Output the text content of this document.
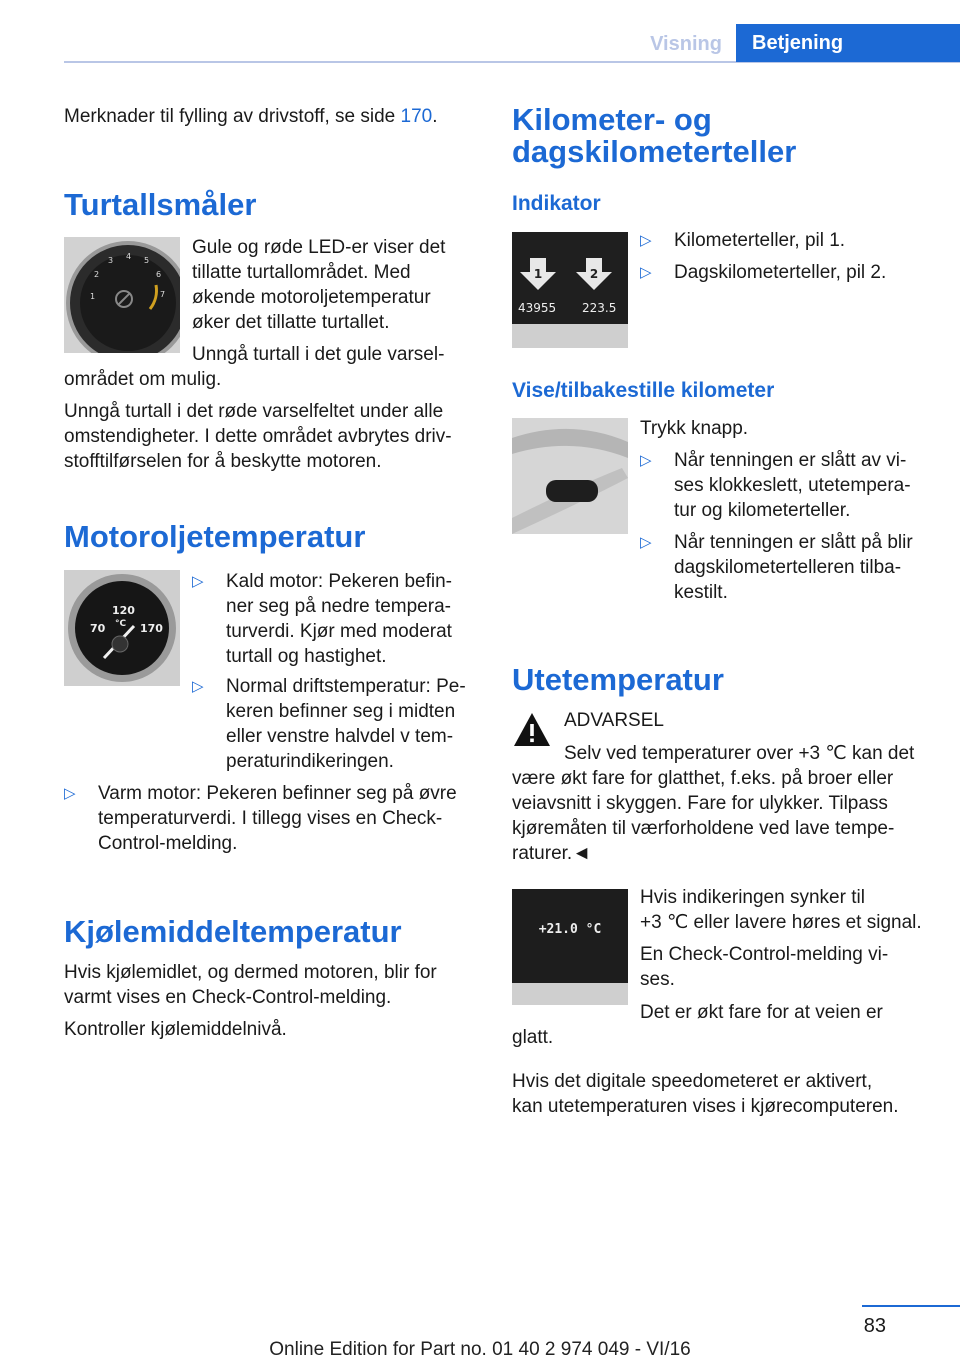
Visning	Betjening

Merknader til fylling av drivstoff, se side 170.

Turtallsmåler
1
2
3 4 5
6
7
Gule og røde LED-er viser det
tillatte turtallområdet. Med
økende motoroljetemperatur
øker det tillatte turtallet.
Unngå turtall i det gule varsel-
området om mulig.
Unngå turtall i det røde varselfeltet under alle
omstendigheter. I dette området avbrytes driv-
stofftilførselen for å beskytte motoren.
Motoroljetemperatur
70
120
°C 170
▷	Kald motor: Pekeren befin-
ner seg på nedre tempera-
turverdi. Kjør med moderat
turtall og hastighet.
▷	Normal driftstemperatur: Pe-
keren befinner seg i midten
eller venstre halvdel v tem-
peraturindikeringen.
▷	Varm motor: Pekeren befinner seg på øvre
temperaturverdi. I tillegg vises en Check-
Control-melding.
Kjølemiddeltemperatur
Hvis kjølemidlet, og dermed motoren, blir for
varmt vises en Check-Control-melding.
Kontroller kjølemiddelnivå.
Kilometer- og
dagskilometerteller
Indikator
1	2
43955 223.5
▷	Kilometerteller, pil 1.
▷	Dagskilometerteller, pil 2.
Vise/tilbakestille kilometer
Trykk knapp.
▷	Når tenningen er slått av vi-
ses klokkeslett, utetempera-
tur og kilometerteller.
▷	Når tenningen er slått på blir
dagskilometertelleren tilba-
kestilt.
Utetemperatur
ADVARSEL
Selv ved temperaturer over +3 ℃ kan det
være økt fare for glatthet, f.eks. på broer eller
veiavsnitt i skyggen. Fare for ulykker. Tilpass
kjøremåten til værforholdene ved lave tempe-
raturer.◄
+21.0 °C
Hvis indikeringen synker til
+3 ℃ eller lavere høres et signal.
En Check-Control-melding vi-
ses.
Det er økt fare for at veien er
glatt.
Hvis det digitale speedometeret er aktivert,
kan utetemperaturen vises i kjørecomputeren.
83
Online Edition for Part no. 01 40 2 974 049 - VI/16
